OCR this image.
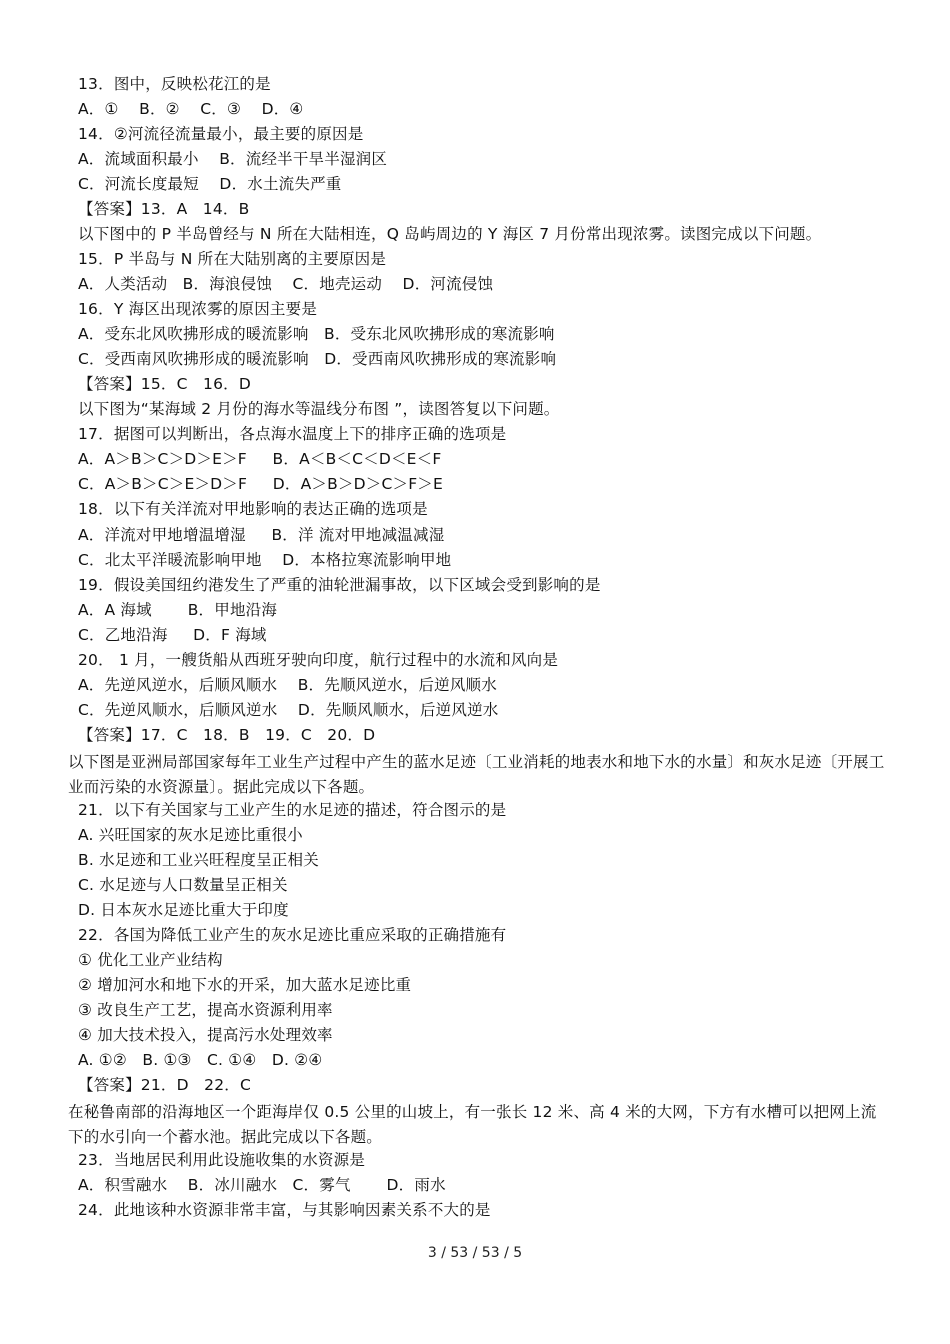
13．图中，反映松花江的是
A．①    B．②    C．③    D．④
14．②河流径流量最小，最主要的原因是
A．流域面积最小    B．流经半干旱半湿润区
C．河流长度最短    D．水土流失严重
【答案】13．A   14．B
以下图中的 P 半岛曾经与 N 所在大陆相连，Q 岛屿周边的 Y 海区 7 月份常出现浓雾。读图完成以下问题。
15．P 半岛与 N 所在大陆别离的主要原因是
A．人类活动   B．海浪侵蚀    C．地壳运动    D．河流侵蚀
16．Y 海区出现浓雾的原因主要是
A．受东北风吹拂形成的暖流影响   B．受东北风吹拂形成的寒流影响
C．受西南风吹拂形成的暖流影响   D．受西南风吹拂形成的寒流影响
【答案】15．C   16．D
以下图为“某海域 2 月份的海水等温线分布图 ”，读图答复以下问题。
17．据图可以判断出，各点海水温度上下的排序正确的选项是
A．A＞B＞C＞D＞E＞F     B．A＜B＜C＜D＜E＜F
C．A＞B＞C＞E＞D＞F     D．A＞B＞D＞C＞F＞E
18．以下有关洋流对甲地影响的表达正确的选项是
A．洋流对甲地增温增湿     B．洋 流对甲地减温减湿
C．北太平洋暖流影响甲地    D．本格拉寒流影响甲地
19．假设美国纽约港发生了严重的油轮泄漏事故，以下区域会受到影响的是
A．A 海域       B．甲地沿海
C．乙地沿海     D．F 海域
20． 1 月，一艘货船从西班牙驶向印度，航行过程中的水流和风向是
A．先逆风逆水，后顺风顺水    B．先顺风逆水，后逆风顺水
C．先逆风顺水，后顺风逆水    D．先顺风顺水，后逆风逆水
【答案】17．C   18．B   19．C   20．D
以下图是亚洲局部国家每年工业生产过程中产生的蓝水足迹〔工业消耗的地表水和地下水的水量〕和灰水足迹〔开展工业而污染的水资源量〕。据此完成以下各题。
21．以下有关国家与工业产生的水足迹的描述，符合图示的是
A. 兴旺国家的灰水足迹比重很小
B. 水足迹和工业兴旺程度呈正相关
C. 水足迹与人口数量呈正相关
D. 日本灰水足迹比重大于印度
22．各国为降低工业产生的灰水足迹比重应采取的正确措施有
① 优化工业产业结构
② 增加河水和地下水的开采，加大蓝水足迹比重
③ 改良生产工艺，提高水资源利用率
④ 加大技术投入，提高污水处理效率
A. ①②   B. ①③   C. ①④   D. ②④
【答案】21．D   22．C
在秘鲁南部的沿海地区一个距海岸仅 0.5 公里的山坡上，有一张长 12 米、高 4 米的大网，下方有水槽可以把网上流下的水引向一个蓄水池。据此完成以下各题。
23．当地居民利用此设施收集的水资源是
A．积雪融水    B．冰川融水   C．雾气       D．雨水
24．此地该种水资源非常丰富，与其影响因素关系不大的是
3 / 53 / 53 / 5
